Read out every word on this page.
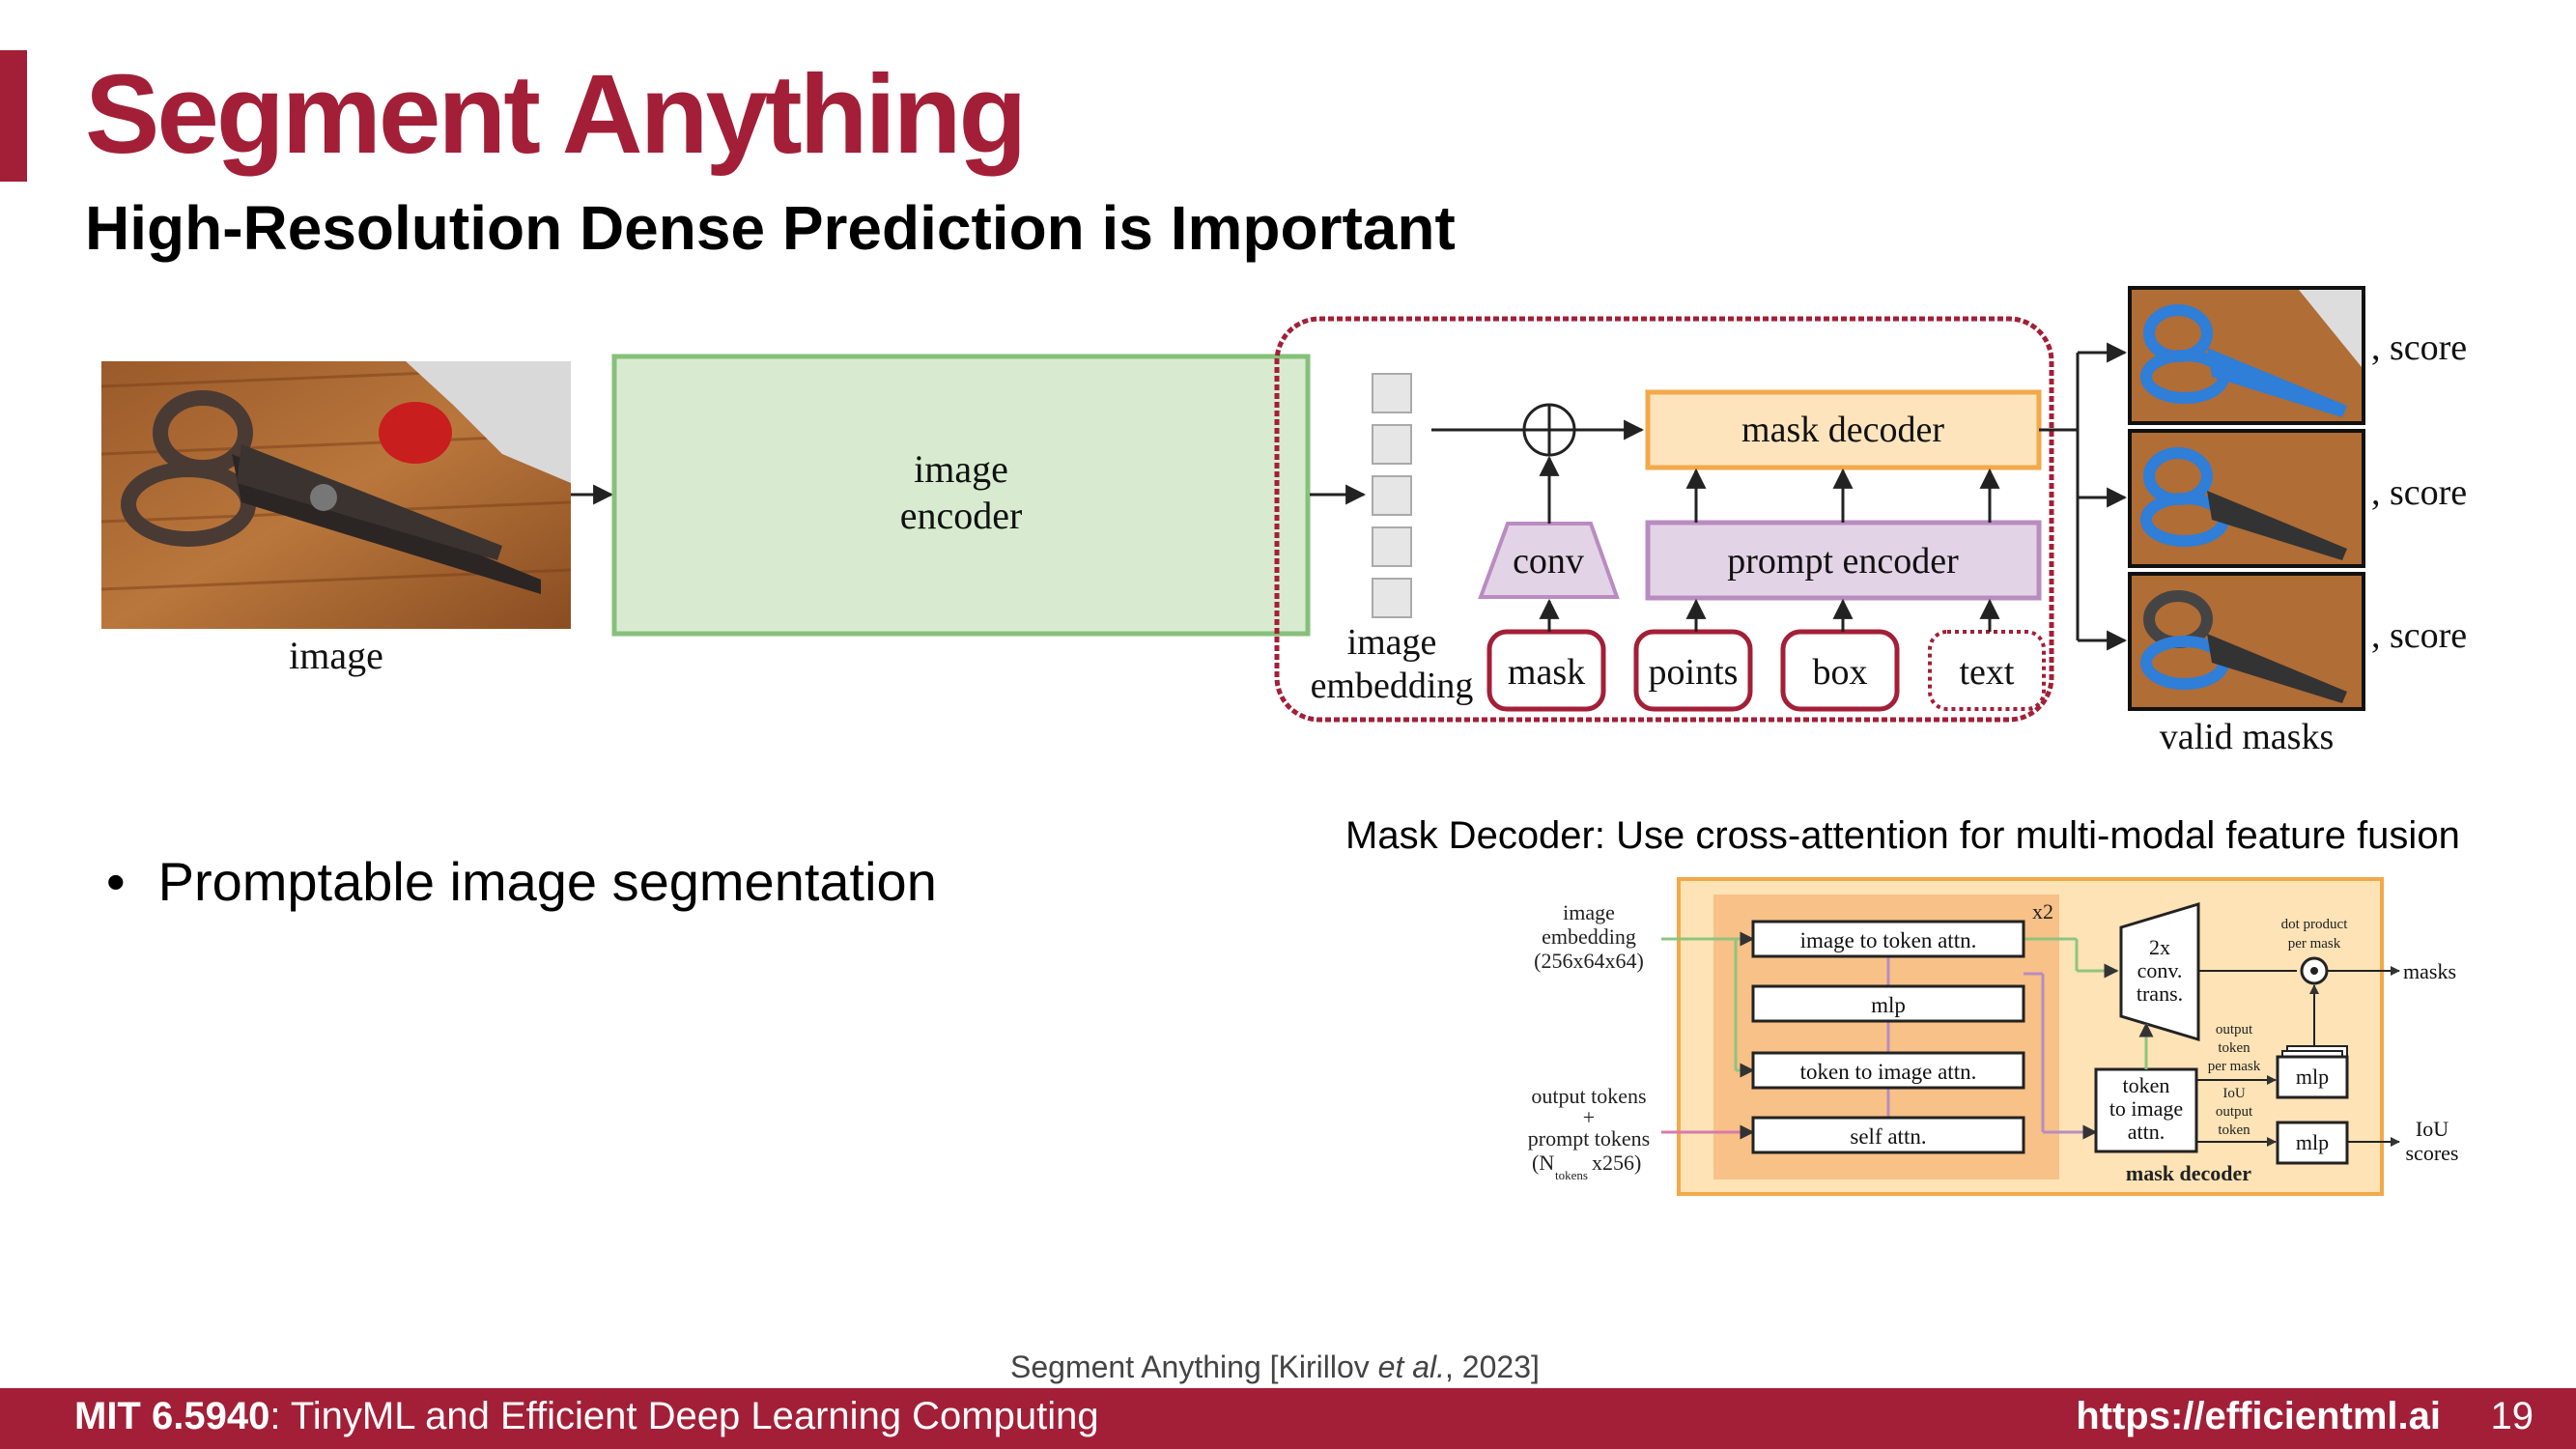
Segment Anything
High-Resolution Dense Prediction is Important
image
image
encoder
image
embedding
conv
mask decoder
prompt encoder
mask points box	text
, score
, score
, score
valid masks
x2
image to token attn.
mlp
token to image attn.
self attn.
2x
conv.
trans.
token
to image
attn.
dot product
per mask
masks
output
token
per mask
IoU
output
token
mlp
mlp
IoU
scores
mask decoder
image
embedding
(256x64x64)
output tokens
+
prompt tokens
(N
tokens
x256)
• Promptable image segmentation
Mask Decoder: Use cross-attention for multi-modal feature fusion
Segment Anything [Kirillov et al., 2023]
MIT 6.5940: TinyML and Efficient Deep Learning Computing	https://efficientml.ai 19
